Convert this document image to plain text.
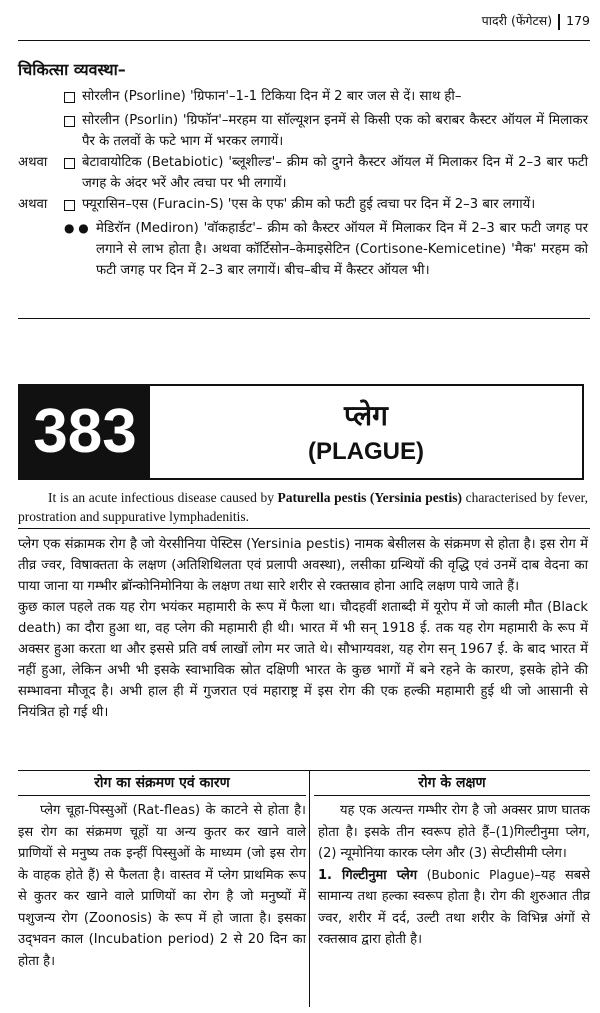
पादरी (फेंगेटस) 179
चिकित्सा व्यवस्था–
सोरलीन (Psorline) 'ग्रिफान'–1-1 टिकिया दिन में 2 बार जल से दें। साथ ही–
सोरलीन (Psorlin) 'ग्रिफॉन'–मरहम या सॉल्यूशन इनमें से किसी एक को बराबर कैस्टर ऑयल में मिलाकर पैर के तलवों के फटे भाग में भरकर लगायें।
अथवा	बेटावायोटिक (Betabiotic) 'ब्लूशील्ड'– क्रीम को दुगने कैस्टर ऑयल में मिलाकर दिन में 2–3 बार फटी जगह के अंदर भरें और त्वचा पर भी लगायें।
अथवा	फ्यूरासिन–एस (Furacin-S) 'एस के एफ' क्रीम को फटी हुई त्वचा पर दिन में 2–3 बार लगायें।
● ● मेडिरॉन (Mediron) 'वॉकहार्डट'– क्रीम को कैस्टर ऑयल में मिलाकर दिन में 2–3 बार फटी जगह पर लगाने से लाभ होता है। अथवा कॉर्टिसोन–केमाइसेटिन (Cortisone-Kemicetine) 'मैक' मरहम को फटी जगह पर दिन में 2–3 बार लगायें। बीच–बीच में कैस्टर ऑयल भी।
383	प्लेग
(PLAGUE)
It is an acute infectious disease caused by Paturella pestis (Yersinia pestis) characterised by fever, prostration and suppurative lymphadenitis.

प्लेग एक संक्रामक रोग है जो येरसीनिया पेस्टिस (Yersinia pestis) नामक बेसीलस के संक्रमण से होता है। इस रोग में तीव्र ज्वर, विषाक्तता के लक्षण (अतिशिथिलता एवं प्रलापी अवस्था), लसीका ग्रन्थियों की वृद्धि एवं उनमें दाब वेदना का पाया जाना या गम्भीर ब्रॉन्कोनिमोनिया के लक्षण तथा सारे शरीर से रक्तस्राव होना आदि लक्षण पाये जाते हैं।

कुछ काल पहले तक यह रोग भयंकर महामारी के रूप में फैला था। चौदहवीं शताब्दी में यूरोप में जो काली मौत (Black death) का दौरा हुआ था, वह प्लेग की महामारी ही थी। भारत में भी सन् 1918 ई. तक यह रोग महामारी के रूप में अक्सर हुआ करता था और इससे प्रति वर्ष लाखों लोग मर जाते थे। सौभाग्यवश, यह रोग सन् 1967 ई. के बाद भारत में नहीं हुआ, लेकिन अभी भी इसके स्वाभाविक स्रोत दक्षिणी भारत के कुछ भागों में बने रहने के कारण, इसके होने की सम्भावना मौजूद है। अभी हाल ही में गुजरात एवं महाराष्ट्र में इस रोग की एक हल्की महामारी हुई थी जो आसानी से नियंत्रित हो गई थी।

रोग का संक्रमण एवं कारण
प्लेग चूहा-पिस्सुओं (Rat-fleas) के काटने से होता है। इस रोग का संक्रमण चूहों या अन्य कुतर कर खाने वाले प्राणियों से मनुष्य तक इन्हीं पिस्सुओं के माध्यम (जो इस रोग के वाहक होते हैं) से फैलता है। वास्तव में प्लेग प्राथमिक रूप से कुतर कर खाने वाले प्राणियों का रोग है जो मनुष्यों में पशुजन्य रोग (Zoonosis) के रूप में हो जाता है। इसका उद्‌भवन काल (Incubation period) 2 से 20 दिन का होता है।
रोग के लक्षण
यह एक अत्यन्त गम्भीर रोग है जो अक्सर प्राण घातक होता है। इसके तीन स्वरूप होते हैं–(1)गिल्टीनुमा प्लेग, (2) न्यूमोनिया कारक प्लेग और (3) सेप्टीसीमी प्लेग।
1. गिल्टीनुमा प्लेग (Bubonic Plague)–यह सबसे सामान्य तथा हल्का स्वरूप होता है। रोग की शुरुआत तीव्र ज्वर, शरीर में दर्द, उल्टी तथा शरीर के विभिन्न अंगों से रक्तस्राव द्वारा होती है।
